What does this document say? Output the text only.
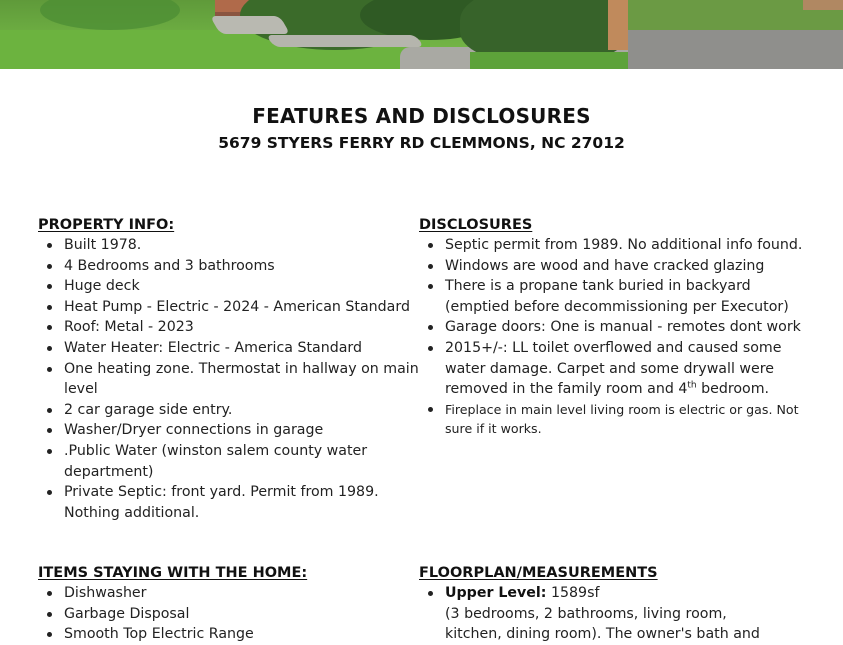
FEATURES AND DISCLOSURES
5679 STYERS FERRY RD CLEMMONS, NC 27012
PROPERTY INFO:
Built 1978.
4 Bedrooms and 3 bathrooms
Huge deck
Heat Pump - Electric - 2024 - American Standard
Roof: Metal - 2023
Water Heater: Electric - America Standard
One heating zone. Thermostat in hallway on main level
2 car garage side entry.
Washer/Dryer connections in garage
.Public Water (winston salem county water department)
Private Septic: front yard. Permit from 1989. Nothing additional.
DISCLOSURES
Septic permit from 1989. No additional info found.
Windows are wood and have cracked glazing
There is a propane tank buried in backyard (emptied before decommissioning per Executor)
Garage doors: One is manual - remotes dont work
2015+/-: LL toilet overflowed and caused some water damage. Carpet and some drywall were removed in the family room and 4th bedroom.
Fireplace in main level living room is electric or gas. Not sure if it works.
ITEMS STAYING WITH THE HOME:
Dishwasher
Garbage Disposal
Smooth Top Electric Range
FLOORPLAN/MEASUREMENTS
Upper Level: 1589sf
(3 bedrooms, 2 bathrooms, living room,
kitchen, dining room). The owner's bath and
